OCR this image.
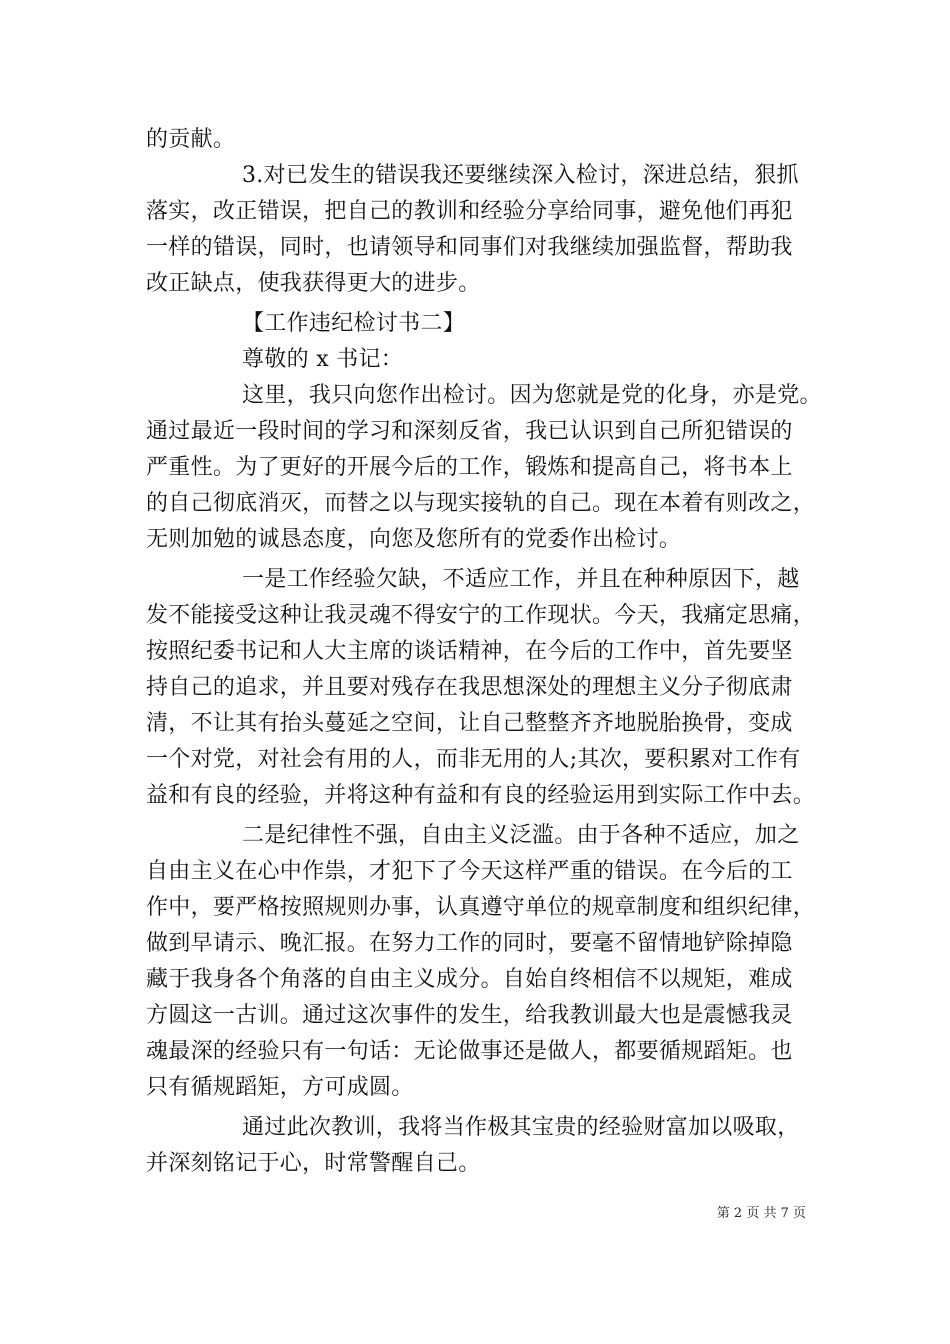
的贡献。
3.对已发生的错误我还要继续深入检讨，深进总结，狠抓
落实，改正错误，把自己的教训和经验分享给同事，避免他们再犯
一样的错误，同时，也请领导和同事们对我继续加强监督，帮助我
改正缺点，使我获得更大的进步。
【工作违纪检讨书二】
尊敬的 x 书记：
这里，我只向您作出检讨。因为您就是党的化身，亦是党。
通过最近一段时间的学习和深刻反省，我已认识到自己所犯错误的
严重性。为了更好的开展今后的工作，锻炼和提高自己，将书本上
的自己彻底消灭，而替之以与现实接轨的自己。现在本着有则改之，
无则加勉的诚恳态度，向您及您所有的党委作出检讨。
一是工作经验欠缺，不适应工作，并且在种种原因下，越
发不能接受这种让我灵魂不得安宁的工作现状。今天，我痛定思痛，
按照纪委书记和人大主席的谈话精神，在今后的工作中，首先要坚
持自己的追求，并且要对残存在我思想深处的理想主义分子彻底肃
清，不让其有抬头蔓延之空间，让自己整整齐齐地脱胎换骨，变成
一个对党，对社会有用的人，而非无用的人;其次，要积累对工作有
益和有良的经验，并将这种有益和有良的经验运用到实际工作中去。
二是纪律性不强，自由主义泛滥。由于各种不适应，加之
自由主义在心中作祟，才犯下了今天这样严重的错误。在今后的工
作中，要严格按照规则办事，认真遵守单位的规章制度和组织纪律，
做到早请示、晚汇报。在努力工作的同时，要毫不留情地铲除掉隐
藏于我身各个角落的自由主义成分。自始自终相信不以规矩，难成
方圆这一古训。通过这次事件的发生，给我教训最大也是震憾我灵
魂最深的经验只有一句话：无论做事还是做人，都要循规蹈矩。也
只有循规蹈矩，方可成圆。
通过此次教训，我将当作极其宝贵的经验财富加以吸取，
并深刻铭记于心，时常警醒自己。
第 2 页 共 7 页
